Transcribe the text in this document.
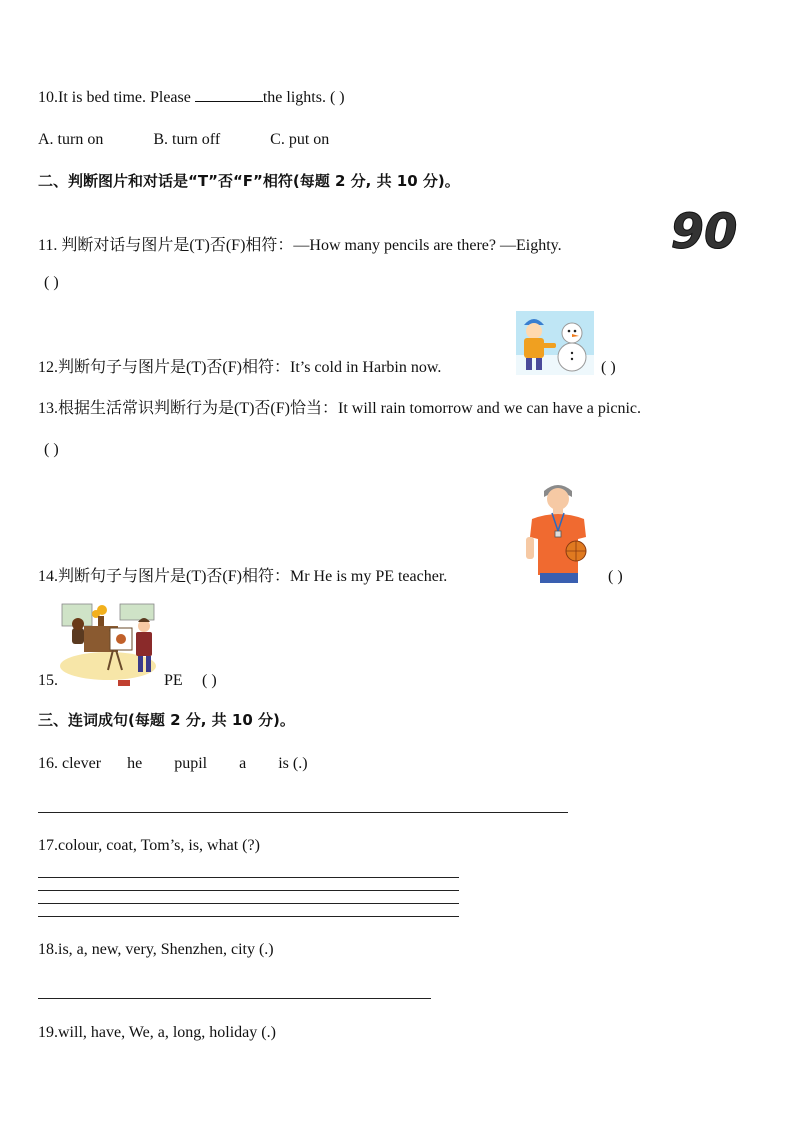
10.It is bed time. Please	the lights. ( )
A. turn on	B. turn off	C. put on
二、判断图片和对话是“T”否“F”相符(每题 2 分, 共 10 分)。
11. 判断对话与图片是(T)否(F)相符：—How many pencils are there? —Eighty. 90
( )
12.判断句子与图片是(T)否(F)相符：It’s cold in Harbin now.	( )
13.根据生活常识判断行为是(T)否(F)恰当：It will rain tomorrow and we can have a picnic.
( )
14.判断句子与图片是(T)否(F)相符：Mr He is my PE teacher.	( )
15.	PE ( )
三、连词成句(每题 2 分, 共 10 分)。
16. clever he pupil a is (.)
17.colour, coat, Tom’s, is, what (?)
18.is, a, new, very, Shenzhen, city (.)
19.will, have, We, a, long, holiday (.)
